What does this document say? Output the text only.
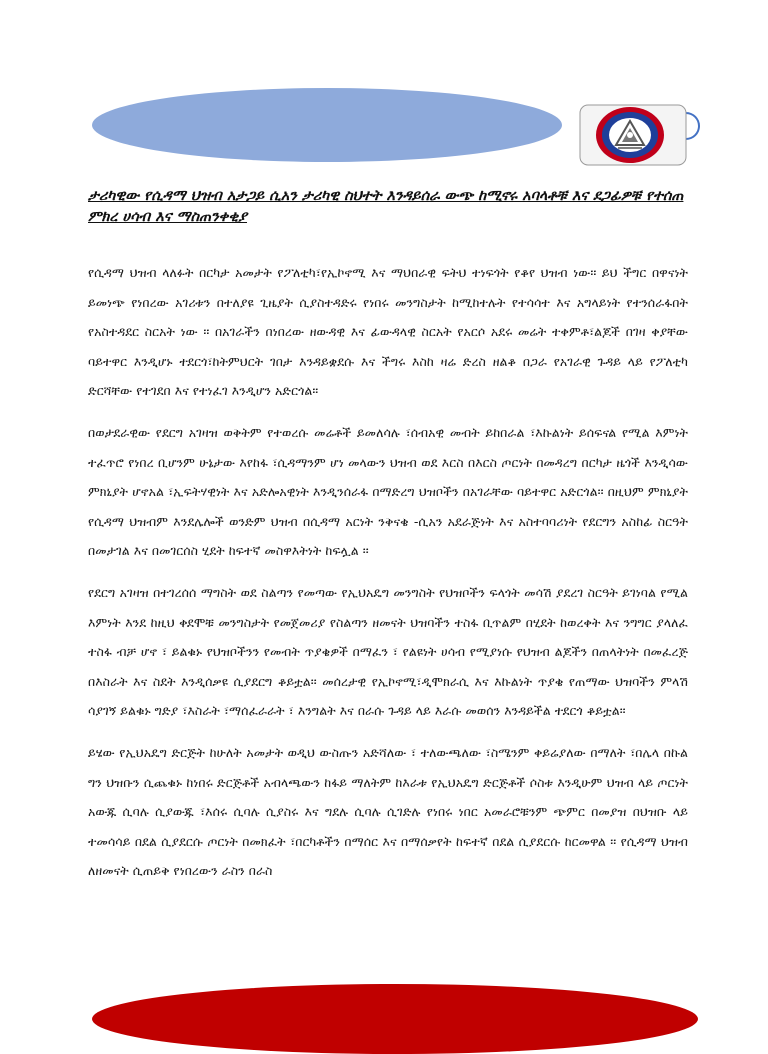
ታሪካዊው የሲዳማ ህዝብ አታጋይ ሲአን ታሪካዊ ስህተት እንዳይሰራ ውጭ ከሚኖሩ አባላቶቹ እና ደጋፊዎቹ የተሰጠ ምክረ ሀሳብ እና ማስጠንቀቂያ

የሲዳማ ህዝብ ላለፉት በርካታ አመታት የፖለቲካ፣የኢኮኖሚ እና ማህበራዊ ፍትህ ተነፍጎት የቆየ ህዝብ ነው፡፡ ይህ ችግር በዋናነት ይመነጭ የነበረው አገሪቱን በተለያዩ ጊዜያት ሲያስተዳድሩ የነበሩ መንግስታት ከሚከተሉት የተሳሳተ እና አግላይነት የተንሰራፋበት የአስተዳደር ስርአት ነው ፡፡ በአገራችን በነበረው ዘውዳዊ እና ፊውዳላዊ ስርአት የአርሶ አደሩ መሬት ተቀምቶ፣ልጆች በገዛ ቀያቸው ባይተዋር እንዲሆኑ ተደርጎ፣ከትምህርት ገበታ እንዳይቋደሱ እና ችግሩ እስከ ዛሬ ድረስ ዘልቆ በጋራ የአገራዊ ጉዳይ ላይ የፖለቲካ ድርሻቸው የተገደበ እና የተነፈገ እንዲሆን አድርጎል፡፡

በወታደራዊው የደርግ አገዛዝ ወቅትም የተወረሱ መሬቶች ይመለሳሉ ፣ሰብአዊ መብት ይከበራል ፣እኩልነት ይሰፍናል የሚል እምነት ተፈጥሮ የነበረ ቢሆንም ሁኔታው እየከፋ ፣ሲዳማንም ሆነ መላውን ህዝብ ወደ እርስ በእርስ ጦርነት በመዳረግ በርካታ ዜጎች እንዲሳው ምክኒያት ሆኖአል ፣ኢፍትሃዊነት እና አድሎአዊነት እንዲንሰራፋ በማድረግ ህዝቦችን በአገራቸው ባይተዋር አድርጎል፡፡ በዚህም ምክኒያት የሲዳማ ህዝብም እንደሌሎች ወንድም ህዝብ በሲዳማ አርነት ንቅናቄ -ሲአን አደራጅነት እና አስተባባሪነት የደርግን አስከፊ ስርዓት በመታገል እና በመገርሰስ ሂደት ከፍተኛ መስዋእትነት ከፍሏል ፡፡

የደርግ አገዛዝ በተገረሰሰ ማግስት ወደ ስልጣን የመጣው የኢህአዴግ መንግስት የህዝቦችን ፍላጎት መሳሽ ያደረገ ስርዓት ይገነባል የሚል እምነት እንደ ከዚህ ቀደሞቹ መንግስታት የመጀመሪያ የስልጣን ዘመናት ህዝባችን ተስፋ ቢጥልም በሂደት ከወረቀት እና ንግግር ያላለፈ ተስፋ ብቻ ሆኖ ፣ ይልቁኑ የህዝቦችንን የመብት ጥያቄዎች በማፈን ፣ የልዩነት ሀሳብ የሚያነሱ የህዝብ ልጆችን በጠላትነት በመፈረጅ በእስራት እና ስደት እንዲሰቃዩ ሲያደርግ ቆይቷል፡፡ መሰረታዊ የኢኮኖሚ፣ዲሞክራሲ እና እኩልነት ጥያቄ የጠማው ህዝባችን ምላሽ ሳያገኝ ይልቁኑ ግድያ ፣እስራት ፣ማሰፈራራት ፣ እንግልት እና በራሱ ጉዳይ ላይ እራሱ መወሰን እንዳይችል ተደርጎ ቆይቷል፡፡

ይሄው የኢህአዴግ ድርጅት ከሁለት አመታት ወዲህ ውስጡን አድሻለው ፣ ተለውጫለው ፣ስሜንም ቀይሬያለው በማለት ፣በሌላ በኩል ግን ህዝቡን ሲጨቁኑ ከነበሩ ድርጅቶች አብላጫውን ከፋይ ማለትም ከእራቱ የኢህአዴግ ድርጅቶች ሶስቱ እንዲሁም ህዝብ ላይ ጦርነት አውጁ ሲባሉ ሲያውጁ ፣እሰሩ ሲባሉ ሲያስሩ እና ግደሉ ሲባሉ ሲገድሉ የነበሩ ነበር አመራሮቹንም ጭምር በመያዝ በህዝቡ ላይ ተመሳሳይ በደል ሲያደርሱ ጦርነት በመክፈት ፣በርካቶችን በማሰር እና በማሰቃየት ከፍተኛ በደል ሲያደርሱ ከርመዋል ፡፡ የሲዳማ ህዝብ ለዘመናት ሲጠይቅ የነበረውን ራስን በራስ
